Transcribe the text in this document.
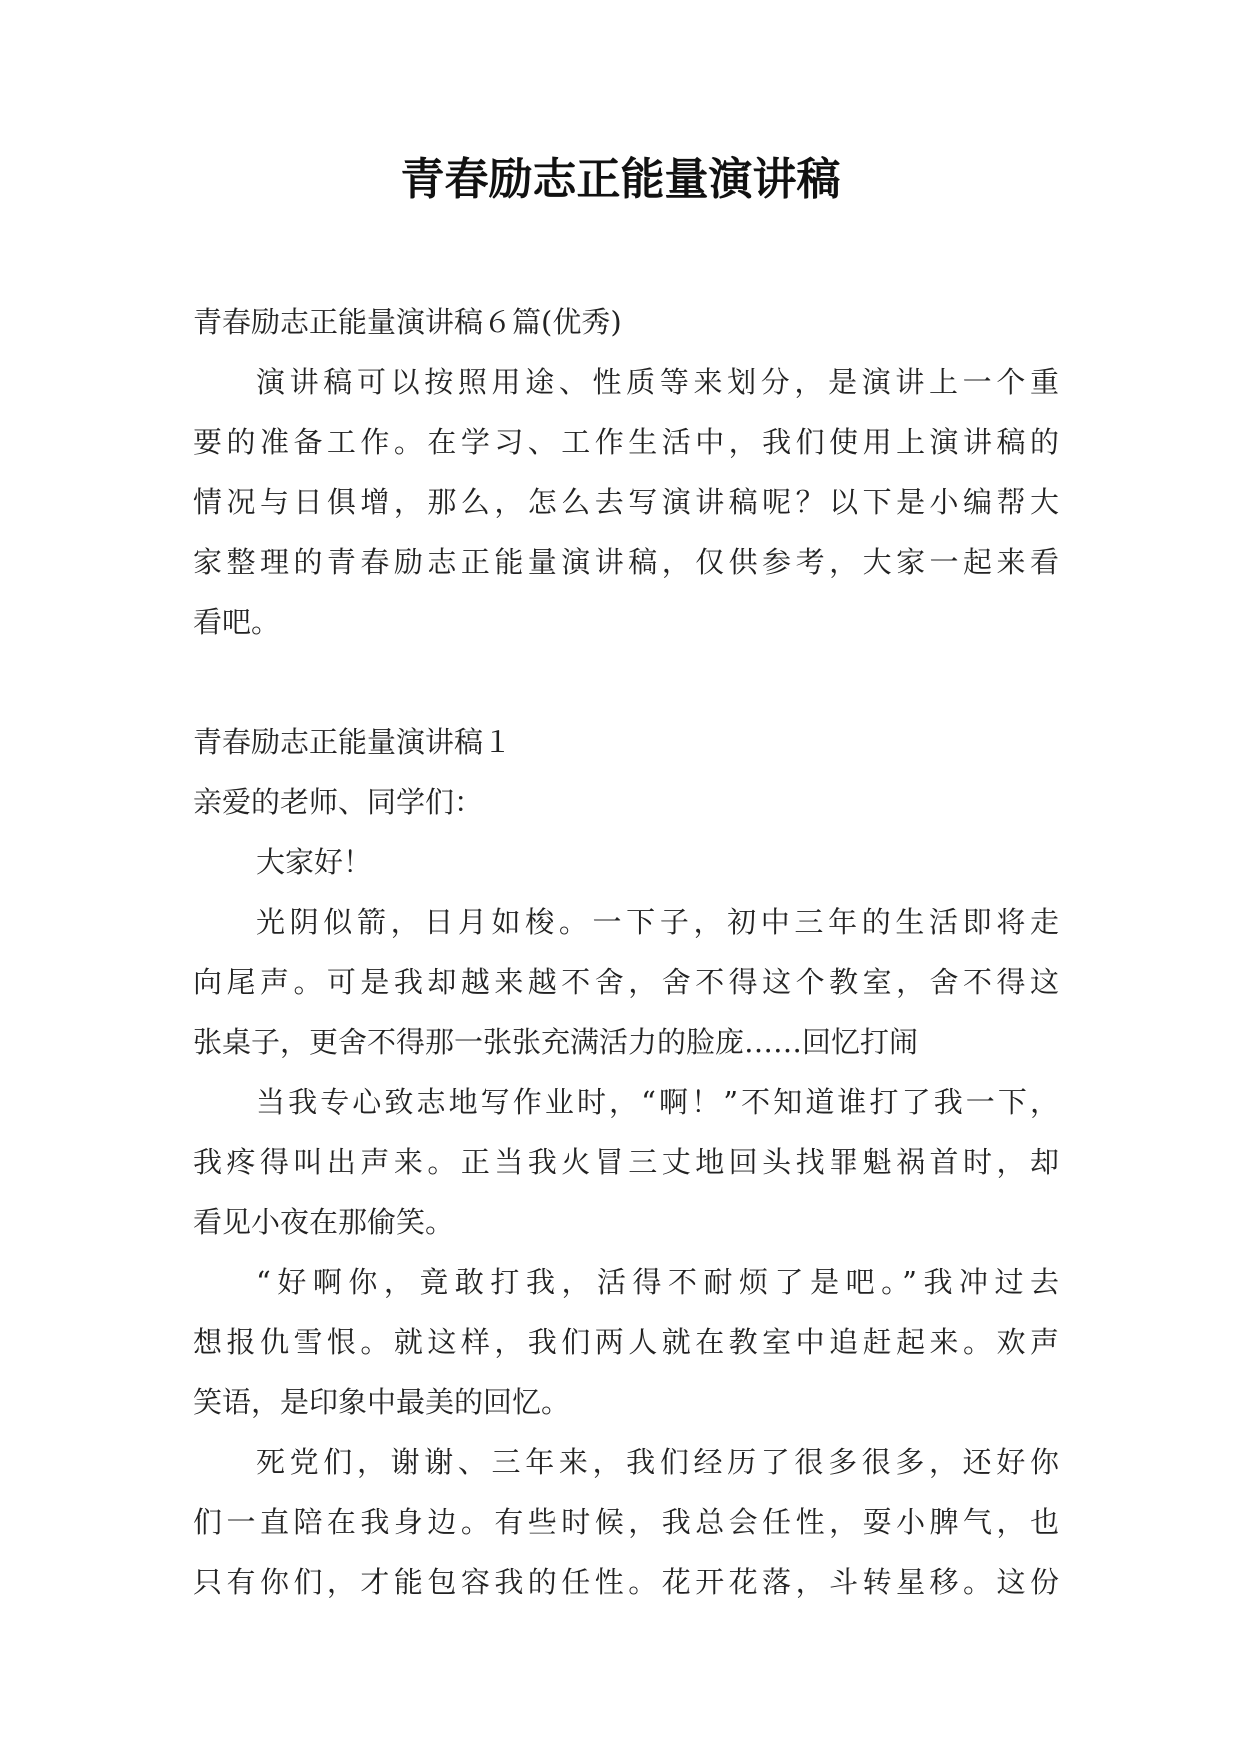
青春励志正能量演讲稿

青春励志正能量演讲稿６篇(优秀)

演讲稿可以按照用途、性质等来划分，是演讲上一个重

要的准备工作。在学习、工作生活中，我们使用上演讲稿的

情况与日俱增，那么，怎么去写演讲稿呢？以下是小编帮大

家整理的青春励志正能量演讲稿，仅供参考，大家一起来看

看吧。

青春励志正能量演讲稿１

亲爱的老师、同学们：

大家好！

光阴似箭，日月如梭。一下子，初中三年的生活即将走

向尾声。可是我却越来越不舍，舍不得这个教室，舍不得这

张桌子，更舍不得那一张张充满活力的脸庞……回忆打闹

当我专心致志地写作业时，“啊！”不知道谁打了我一下，

我疼得叫出声来。正当我火冒三丈地回头找罪魁祸首时，却

看见小夜在那偷笑。

“好啊你，竟敢打我，活得不耐烦了是吧。”我冲过去

想报仇雪恨。就这样，我们两人就在教室中追赶起来。欢声

笑语，是印象中最美的回忆。

死党们，谢谢、三年来，我们经历了很多很多，还好你

们一直陪在我身边。有些时候，我总会任性，耍小脾气，也

只有你们，才能包容我的任性。花开花落，斗转星移。这份
